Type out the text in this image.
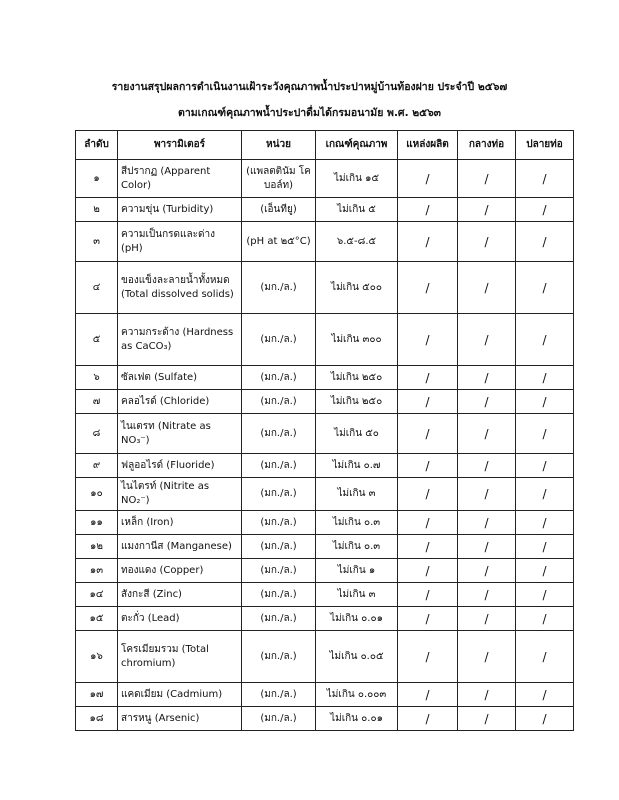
รายงานสรุปผลการดำเนินงานเฝ้าระวังคุณภาพน้ำประปาหมู่บ้านท้องฝาย ประจำปี ๒๕๖๗
ตามเกณฑ์คุณภาพน้ำประปาดื่มได้กรมอนามัย พ.ศ. ๒๕๖๓
ลำดับ	พารามิเตอร์	หน่วย	เกณฑ์คุณภาพ	แหล่งผลิต	กลางท่อ	ปลายท่อ
๑	สีปรากฏ (Apparent Color)	(แพลตตินัม โคบอล์ท)	ไม่เกิน ๑๕	/	/	/
๒	ความขุ่น (Turbidity)	(เอ็นทียู)	ไม่เกิน ๕	/	/	/
๓	ความเป็นกรดและด่าง (pH)	(pH at ๒๕°C)	๖.๕-๘.๕	/	/	/
๔	ของแข็งละลายน้ำทั้งหมด (Total dissolved solids)	(มก./ล.)	ไม่เกิน ๕๐๐	/	/	/
๕	ความกระด้าง (Hardness as CaCO₃)	(มก./ล.)	ไม่เกิน ๓๐๐	/	/	/
๖	ซัลเฟต (Sulfate)	(มก./ล.)	ไม่เกิน ๒๕๐	/	/	/
๗	คลอไรด์ (Chloride)	(มก./ล.)	ไม่เกิน ๒๕๐	/	/	/
๘	ไนเตรท (Nitrate as NO₃⁻)	(มก./ล.)	ไม่เกิน ๕๐	/	/	/
๙	ฟลูออไรด์ (Fluoride)	(มก./ล.)	ไม่เกิน ๐.๗	/	/	/
๑๐	ไนไตรท์ (Nitrite as NO₂⁻)	(มก./ล.)	ไม่เกิน ๓	/	/	/
๑๑	เหล็ก (Iron)	(มก./ล.)	ไม่เกิน ๐.๓	/	/	/
๑๒	แมงกานีส (Manganese)	(มก./ล.)	ไม่เกิน ๐.๓	/	/	/
๑๓	ทองแดง (Copper)	(มก./ล.)	ไม่เกิน ๑	/	/	/
๑๔	สังกะสี (Zinc)	(มก./ล.)	ไม่เกิน ๓	/	/	/
๑๕	ตะกั่ว (Lead)	(มก./ล.)	ไม่เกิน ๐.๐๑	/	/	/
๑๖	โครเมียมรวม (Total chromium)	(มก./ล.)	ไม่เกิน ๐.๐๕	/	/	/
๑๗	แคดเมียม (Cadmium)	(มก./ล.)	ไม่เกิน ๐.๐๐๓	/	/	/
๑๘	สารหนู (Arsenic)	(มก./ล.)	ไม่เกิน ๐.๐๑	/	/	/
